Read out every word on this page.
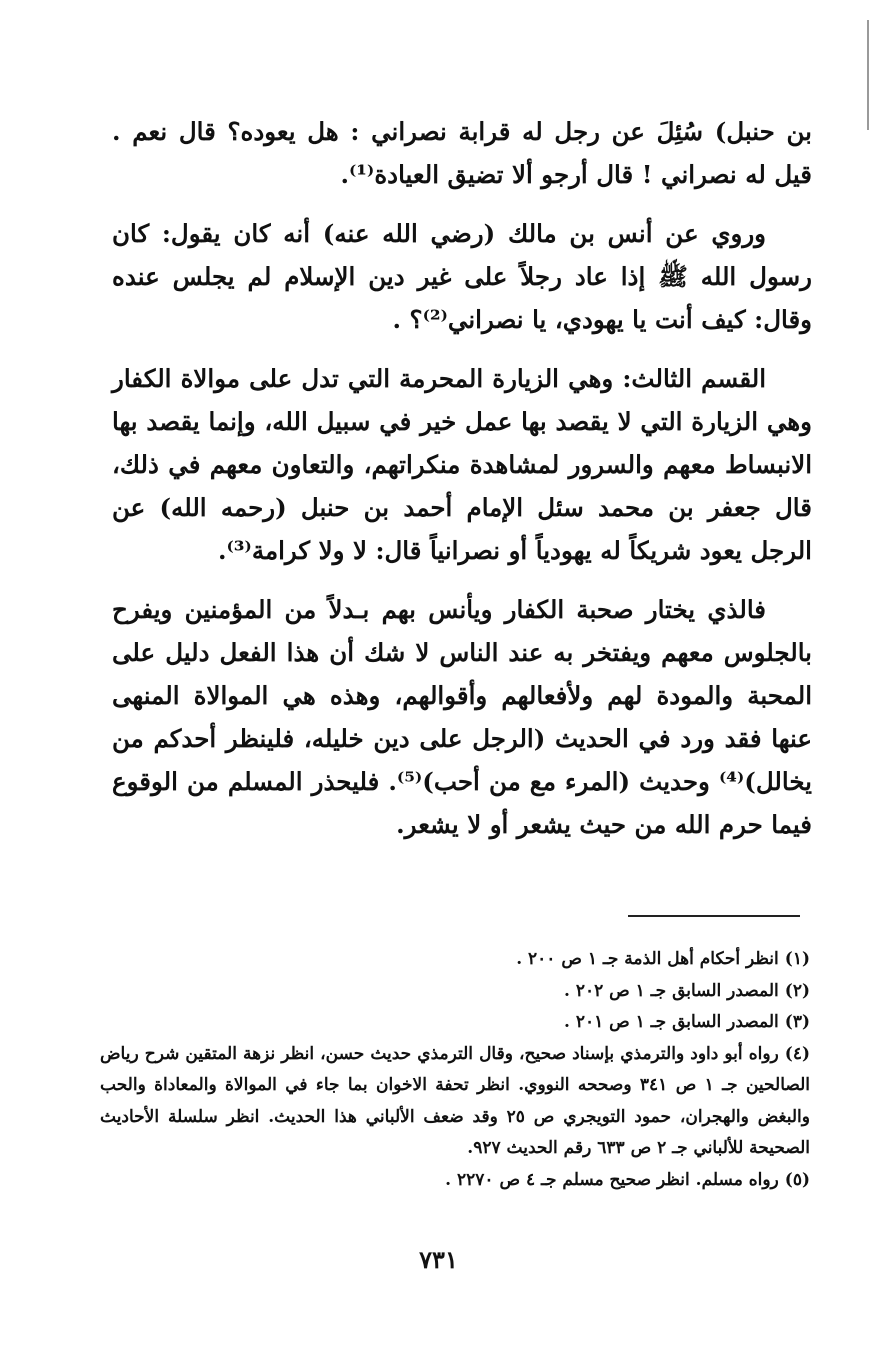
بن حنبل) سُئِلَ عن رجل له قرابة نصراني : هل يعوده؟ قال نعم . قيل له نصراني ! قال أرجو ألا تضيق العيادة⁽¹⁾.

وروي عن أنس بن مالك (رضي الله عنه) أنه كان يقول: كان رسول الله ﷺ إذا عاد رجلاً على غير دين الإسلام لم يجلس عنده وقال: كيف أنت يا يهودي، يا نصراني⁽²⁾؟ .

القسم الثالث: وهي الزيارة المحرمة التي تدل على موالاة الكفار وهي الزيارة التي لا يقصد بها عمل خير في سبيل الله، وإنما يقصد بها الانبساط معهم والسرور لمشاهدة منكراتهم، والتعاون معهم في ذلك، قال جعفر بن محمد سئل الإمام أحمد بن حنبل (رحمه الله) عن الرجل يعود شريكاً له يهودياً أو نصرانياً قال: لا ولا كرامة⁽³⁾.

فالذي يختار صحبة الكفار ويأنس بهم بـدلاً من المؤمنين ويفرح بالجلوس معهم ويفتخر به عند الناس لا شك أن هذا الفعل دليل على المحبة والمودة لهم ولأفعالهم وأقوالهم، وهذه هي الموالاة المنهى عنها فقد ورد في الحديث (الرجل على دين خليله، فلينظر أحدكم من يخالل)⁽⁴⁾ وحديث (المرء مع من أحب)⁽⁵⁾. فليحذر المسلم من الوقوع فيما حرم الله من حيث يشعر أو لا يشعر.

(١)انظر أحكام أهل الذمة جـ ١ ص ٢٠٠ .

(٢)المصدر السابق جـ ١ ص ٢٠٢ .

(٣)المصدر السابق جـ ١ ص ٢٠١ .

(٤)رواه أبو داود والترمذي بإسناد صحيح، وقال الترمذي حديث حسن، انظر نزهة المتقين شرح رياض الصالحين جـ ١ ص ٣٤١ وصححه النووي. انظر تحفة الاخوان بما جاء في الموالاة والمعاداة والحب والبغض والهجران، حمود التويجري ص ٢٥ وقد ضعف الألباني هذا الحديث. انظر سلسلة الأحاديث الصحيحة للألباني جـ ٢ ص ٦٣٣ رقم الحديث ٩٢٧.

(٥)رواه مسلم. انظر صحيح مسلم جـ ٤ ص ٢٢٧٠ .

٧٣١
